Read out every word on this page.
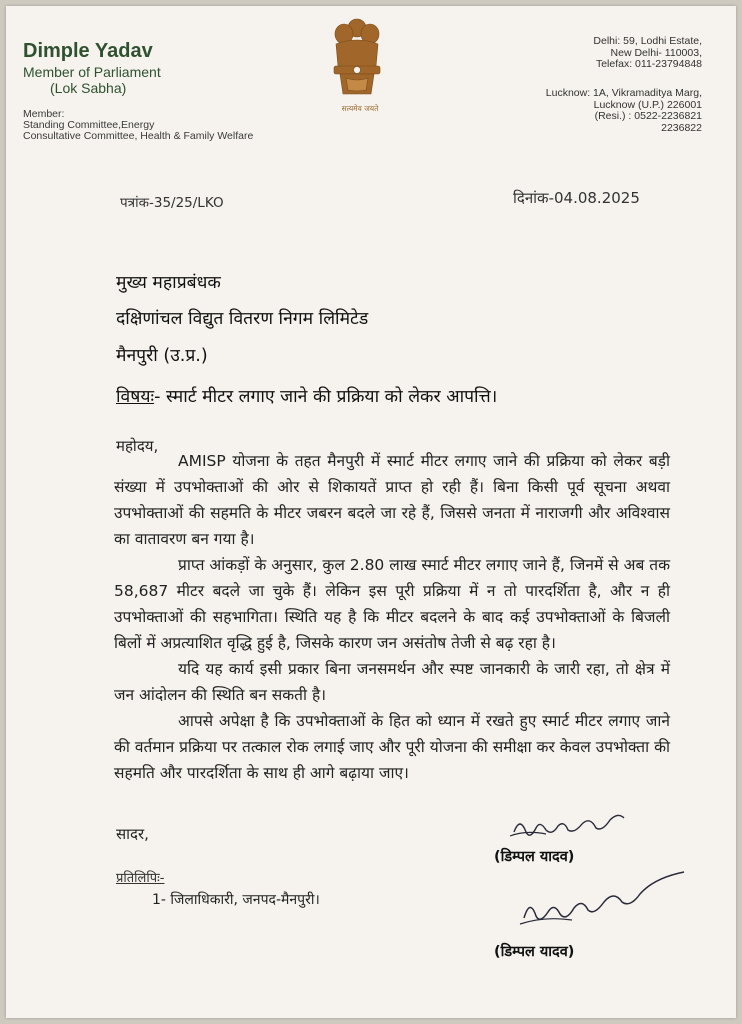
Dimple Yadav
Member of Parliament
(Lok Sabha)
Member:
Standing Committee,Energy
Consultative Committee, Health & Family Welfare
सत्यमेव जयते
Delhi: 59, Lodhi Estate,
New Delhi- 110003,
Telefax: 011-23794848
Lucknow: 1A, Vikramaditya Marg,
Lucknow (U.P.) 226001
(Resi.) : 0522-2236821
2236822
पत्रांक-35/25/LKO	दिनांक-04.08.2025
मुख्य महाप्रबंधक
दक्षिणांचल विद्युत वितरण निगम लिमिटेड
मैनपुरी (उ.प्र.)
विषयः- स्मार्ट मीटर लगाए जाने की प्रक्रिया को लेकर आपत्ति।
महोदय,

AMISP योजना के तहत मैनपुरी में स्मार्ट मीटर लगाए जाने की प्रक्रिया को लेकर बड़ी संख्या में उपभोक्ताओं की ओर से शिकायतें प्राप्त हो रही हैं। बिना किसी पूर्व सूचना अथवा उपभोक्ताओं की सहमति के मीटर जबरन बदले जा रहे हैं, जिससे जनता में नाराजगी और अविश्वास का वातावरण बन गया है।

प्राप्त आंकड़ों के अनुसार, कुल 2.80 लाख स्मार्ट मीटर लगाए जाने हैं, जिनमें से अब तक 58,687 मीटर बदले जा चुके हैं। लेकिन इस पूरी प्रक्रिया में न तो पारदर्शिता है, और न ही उपभोक्ताओं की सहभागिता। स्थिति यह है कि मीटर बदलने के बाद कई उपभोक्ताओं के बिजली बिलों में अप्रत्याशित वृद्धि हुई है, जिसके कारण जन असंतोष तेजी से बढ़ रहा है।

यदि यह कार्य इसी प्रकार बिना जनसमर्थन और स्पष्ट जानकारी के जारी रहा, तो क्षेत्र में जन आंदोलन की स्थिति बन सकती है।

आपसे अपेक्षा है कि उपभोक्ताओं के हित को ध्यान में रखते हुए स्मार्ट मीटर लगाए जाने की वर्तमान प्रक्रिया पर तत्काल रोक लगाई जाए और पूरी योजना की समीक्षा कर केवल उपभोक्ता की सहमति और पारदर्शिता के साथ ही आगे बढ़ाया जाए।

सादर,
(डिम्पल यादव)
प्रतिलिपिः-
1- जिलाधिकारी, जनपद-मैनपुरी।
(डिम्पल यादव)
